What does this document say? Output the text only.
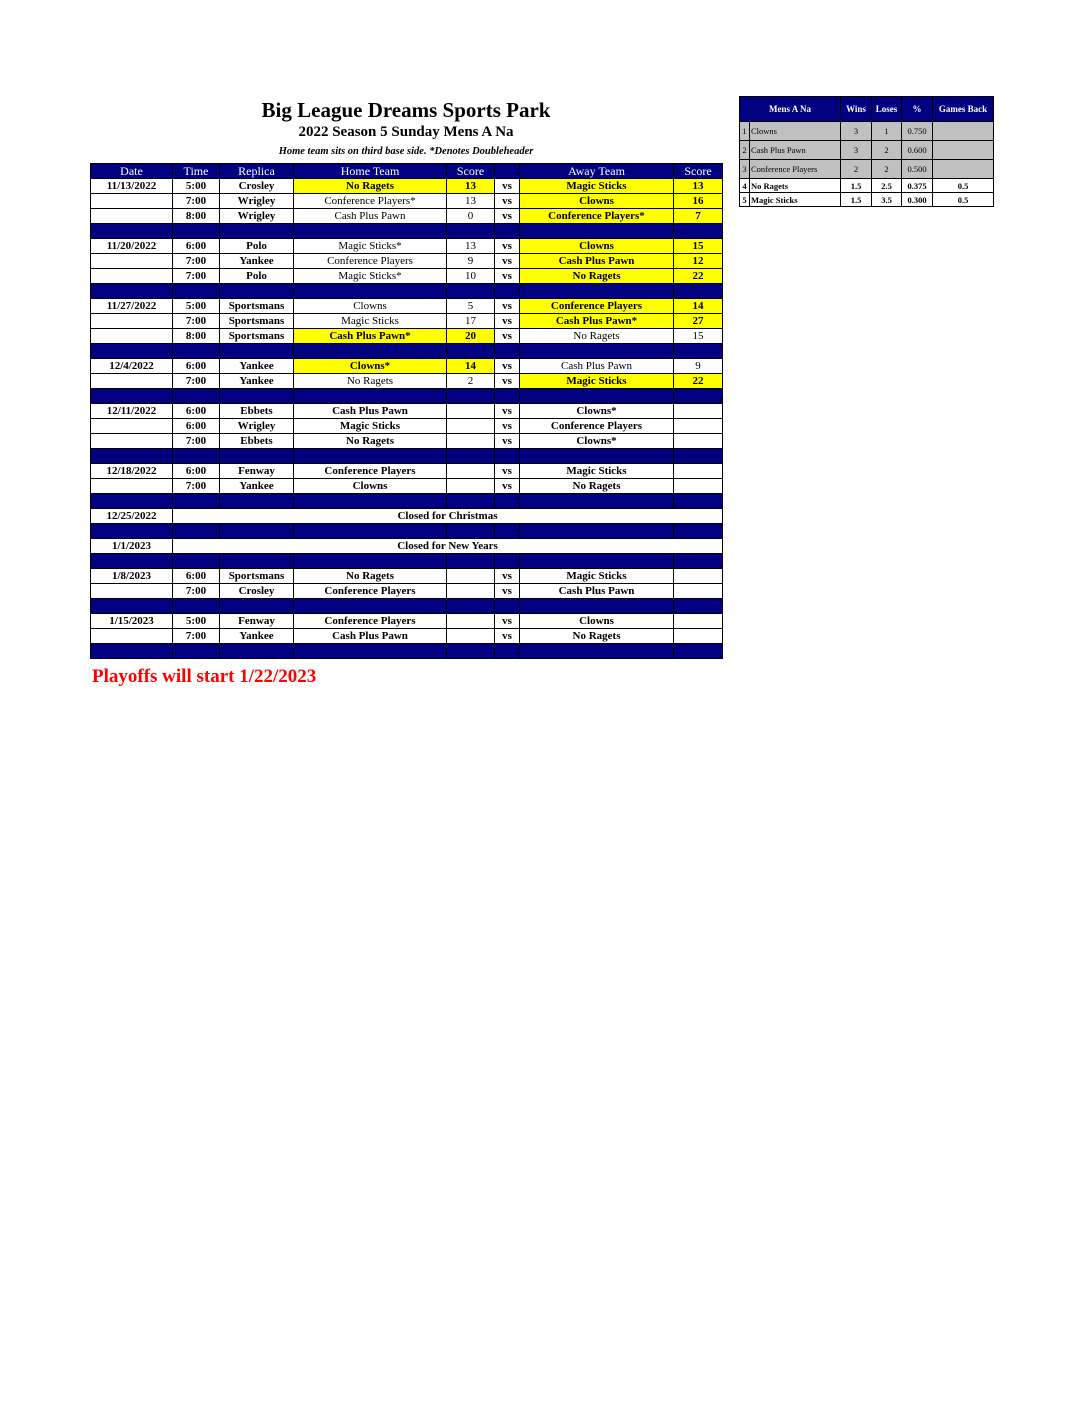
Big League Dreams Sports Park
2022 Season 5 Sunday Mens A Na
Home team sits on third base side. *Denotes Doubleheader
Date	Time	Replica	Home Team	Score		Away Team	Score
11/13/2022	5:00	Crosley	No Ragets	13	vs	Magic Sticks	13
	7:00	Wrigley	Conference Players*	13	vs	Clowns	16
	8:00	Wrigley	Cash Plus Pawn	0	vs	Conference Players*	7

11/20/2022	6:00	Polo	Magic Sticks*	13	vs	Clowns	15
	7:00	Yankee	Conference Players	9	vs	Cash Plus Pawn	12
	7:00	Polo	Magic Sticks*	10	vs	No Ragets	22

11/27/2022	5:00	Sportsmans	Clowns	5	vs	Conference Players	14
	7:00	Sportsmans	Magic Sticks	17	vs	Cash Plus Pawn*	27
	8:00	Sportsmans	Cash Plus Pawn*	20	vs	No Ragets	15

12/4/2022	6:00	Yankee	Clowns*	14	vs	Cash Plus Pawn	9
	7:00	Yankee	No Ragets	2	vs	Magic Sticks	22

12/11/2022	6:00	Ebbets	Cash Plus Pawn		vs	Clowns*	
	6:00	Wrigley	Magic Sticks		vs	Conference Players	
	7:00	Ebbets	No Ragets		vs	Clowns*	

12/18/2022	6:00	Fenway	Conference Players		vs	Magic Sticks	
	7:00	Yankee	Clowns		vs	No Ragets	

12/25/2022	Closed for Christmas						

1/1/2023	Closed for New Years						

1/8/2023	6:00	Sportsmans	No Ragets		vs	Magic Sticks	
	7:00	Crosley	Conference Players		vs	Cash Plus Pawn	

1/15/2023	5:00	Fenway	Conference Players		vs	Clowns	
	7:00	Yankee	Cash Plus Pawn		vs	No Ragets	

Playoffs will start 1/22/2023
Mens A Na		Wins	Loses	%	Games Back
1	Clowns	3	1	0.750	
2	Cash Plus Pawn	3	2	0.600	
3	Conference Players	2	2	0.500	
4	No Ragets	1.5	2.5	0.375	0.5
5	Magic Sticks	1.5	3.5	0.300	0.5
